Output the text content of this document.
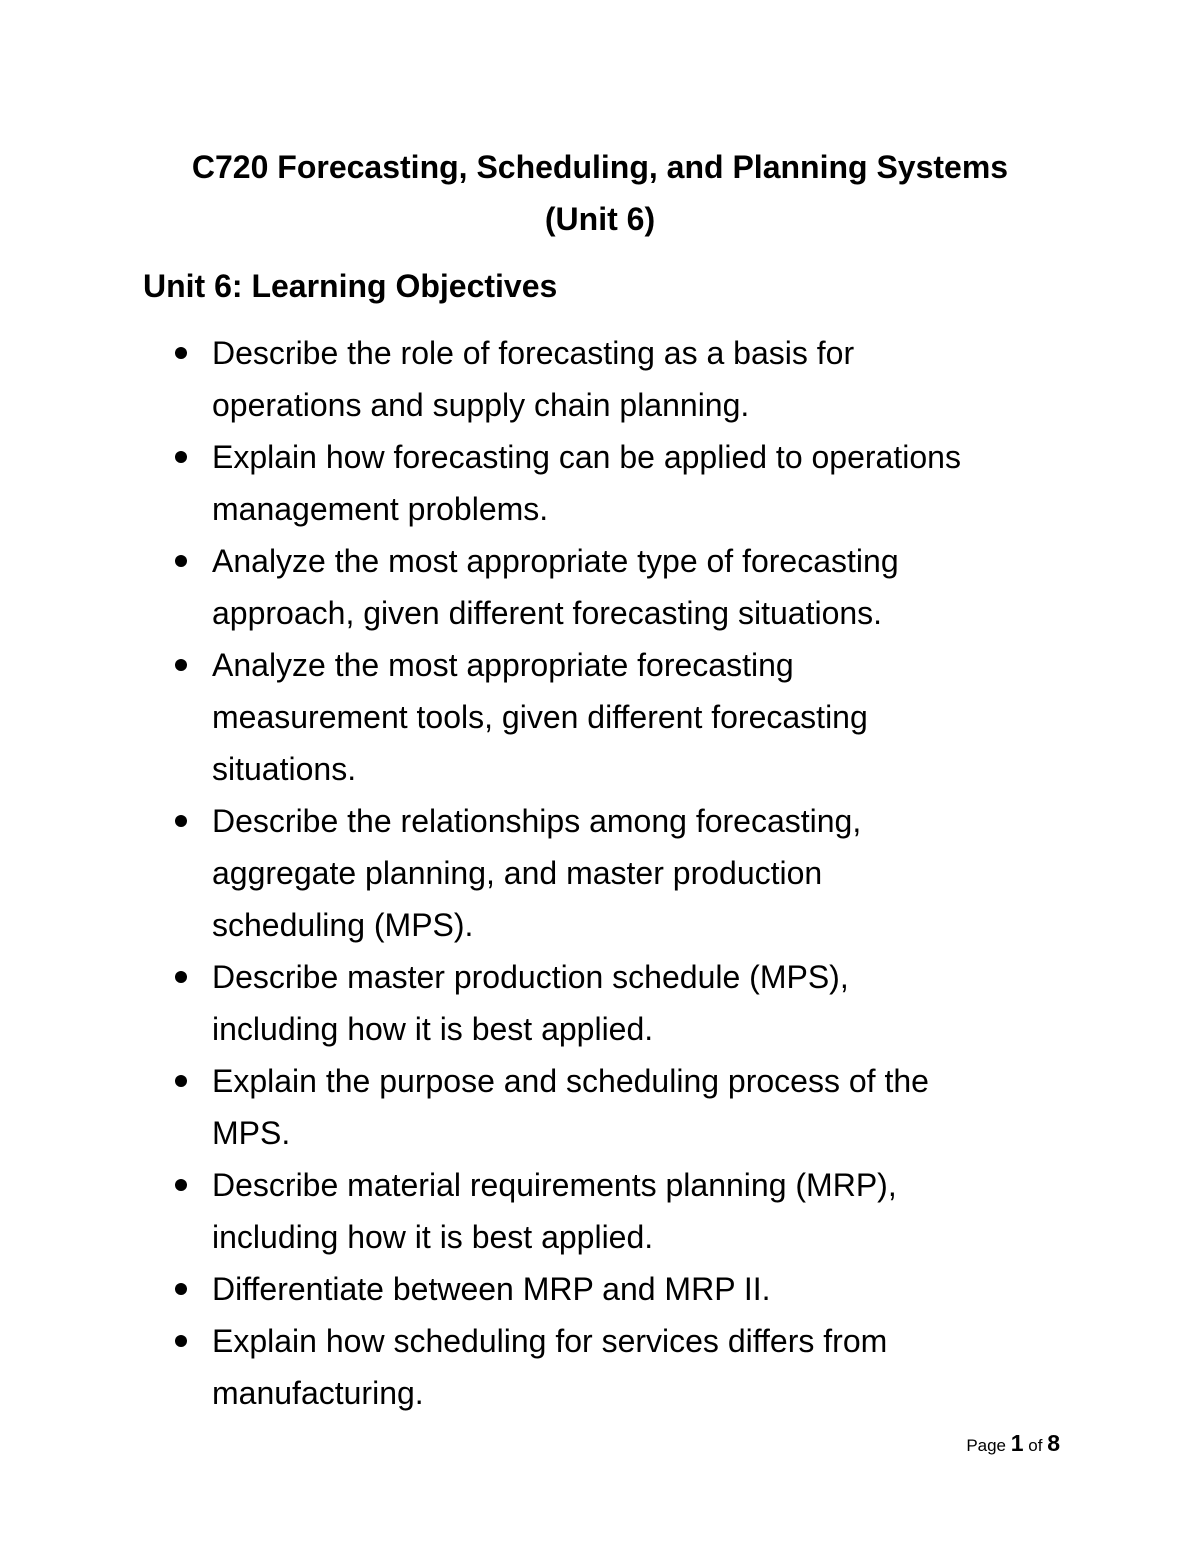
C720 Forecasting, Scheduling, and Planning Systems
(Unit 6)
Unit 6: Learning Objectives
Describe the role of forecasting as a basis for
operations and supply chain planning.
Explain how forecasting can be applied to operations
management problems.
Analyze the most appropriate type of forecasting
approach, given different forecasting situations.
Analyze the most appropriate forecasting
measurement tools, given different forecasting
situations.
Describe the relationships among forecasting,
aggregate planning, and master production
scheduling (MPS).
Describe master production schedule (MPS),
including how it is best applied.
Explain the purpose and scheduling process of the
MPS.
Describe material requirements planning (MRP),
including how it is best applied.
Differentiate between MRP and MRP II.
Explain how scheduling for services differs from
manufacturing.
Page 1 of 8
